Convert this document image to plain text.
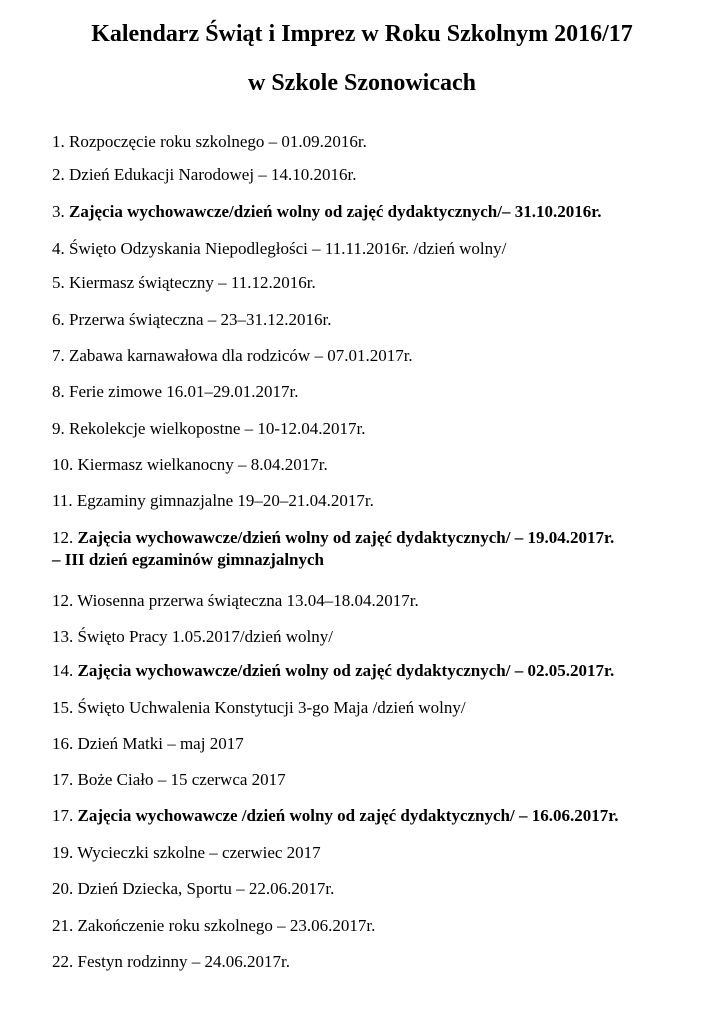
Kalendarz Świąt i Imprez w Roku Szkolnym 2016/17
w Szkole Szonowicach
1. Rozpoczęcie roku szkolnego – 01.09.2016r.
2. Dzień Edukacji Narodowej – 14.10.2016r.
3. Zajęcia wychowawcze/dzień wolny od zajęć dydaktycznych/– 31.10.2016r.
4. Święto Odzyskania Niepodległości – 11.11.2016r. /dzień wolny/
5. Kiermasz świąteczny – 11.12.2016r.
6. Przerwa świąteczna – 23–31.12.2016r.
7. Zabawa karnawałowa dla rodziców – 07.01.2017r.
8. Ferie zimowe 16.01–29.01.2017r.
9. Rekolekcje wielkopostne – 10-12.04.2017r.
10. Kiermasz wielkanocny – 8.04.2017r.
11. Egzaminy gimnazjalne 19–20–21.04.2017r.
12. Zajęcia wychowawcze/dzień wolny od zajęć dydaktycznych/ – 19.04.2017r.
– III dzień egzaminów gimnazjalnych
12. Wiosenna przerwa świąteczna 13.04–18.04.2017r.
13. Święto Pracy 1.05.2017/dzień wolny/
14. Zajęcia wychowawcze/dzień wolny od zajęć dydaktycznych/ – 02.05.2017r.
15. Święto Uchwalenia Konstytucji 3-go Maja /dzień wolny/
16. Dzień Matki – maj 2017
17. Boże Ciało – 15 czerwca 2017
17. Zajęcia wychowawcze /dzień wolny od zajęć dydaktycznych/ – 16.06.2017r.
19. Wycieczki szkolne – czerwiec 2017
20. Dzień Dziecka, Sportu – 22.06.2017r.
21. Zakończenie roku szkolnego – 23.06.2017r.
22. Festyn rodzinny – 24.06.2017r.
